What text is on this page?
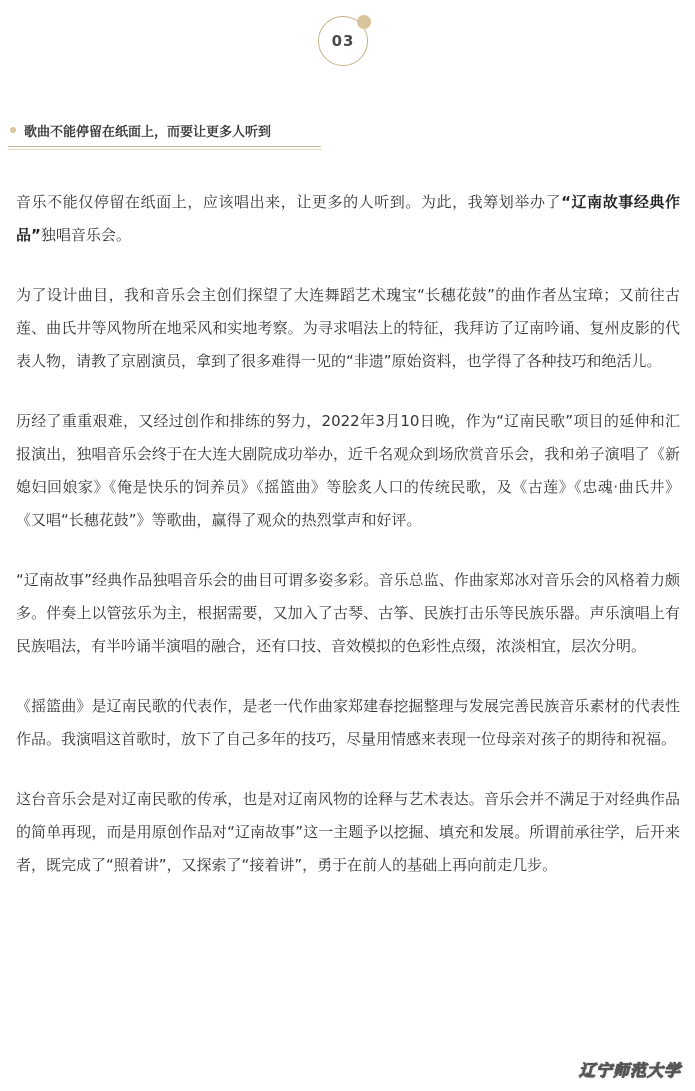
03
歌曲不能停留在纸面上，而要让更多人听到

音乐不能仅停留在纸面上，应该唱出来，让更多的人听到。为此，我筹划举办了“辽南故事经典作品”独唱音乐会。

为了设计曲目，我和音乐会主创们探望了大连舞蹈艺术瑰宝“长穗花鼓”的曲作者丛宝璋；又前往古莲、曲氏井等风物所在地采风和实地考察。为寻求唱法上的特征，我拜访了辽南吟诵、复州皮影的代表人物，请教了京剧演员，拿到了很多难得一见的“非遗”原始资料，也学得了各种技巧和绝活儿。

历经了重重艰难，又经过创作和排练的努力，2022年3月10日晚，作为“辽南民歌”项目的延伸和汇报演出，独唱音乐会终于在大连大剧院成功举办，近千名观众到场欣赏音乐会，我和弟子演唱了《新媳妇回娘家》《俺是快乐的饲养员》《摇篮曲》等脍炙人口的传统民歌，及《古莲》《忠魂·曲氏井》《又唱“长穗花鼓”》等歌曲，赢得了观众的热烈掌声和好评。

“辽南故事”经典作品独唱音乐会的曲目可谓多姿多彩。音乐总监、作曲家郑冰对音乐会的风格着力颇多。伴奏上以管弦乐为主，根据需要，又加入了古琴、古筝、民族打击乐等民族乐器。声乐演唱上有民族唱法，有半吟诵半演唱的融合，还有口技、音效模拟的色彩性点缀，浓淡相宜，层次分明。

《摇篮曲》是辽南民歌的代表作，是老一代作曲家郑建春挖掘整理与发展完善民族音乐素材的代表性作品。我演唱这首歌时，放下了自己多年的技巧，尽量用情感来表现一位母亲对孩子的期待和祝福。

这台音乐会是对辽南民歌的传承，也是对辽南风物的诠释与艺术表达。音乐会并不满足于对经典作品的简单再现，而是用原创作品对“辽南故事”这一主题予以挖掘、填充和发展。所谓前承往学，后开来者，既完成了“照着讲”，又探索了“接着讲”，勇于在前人的基础上再向前走几步。

辽宁师范大学
